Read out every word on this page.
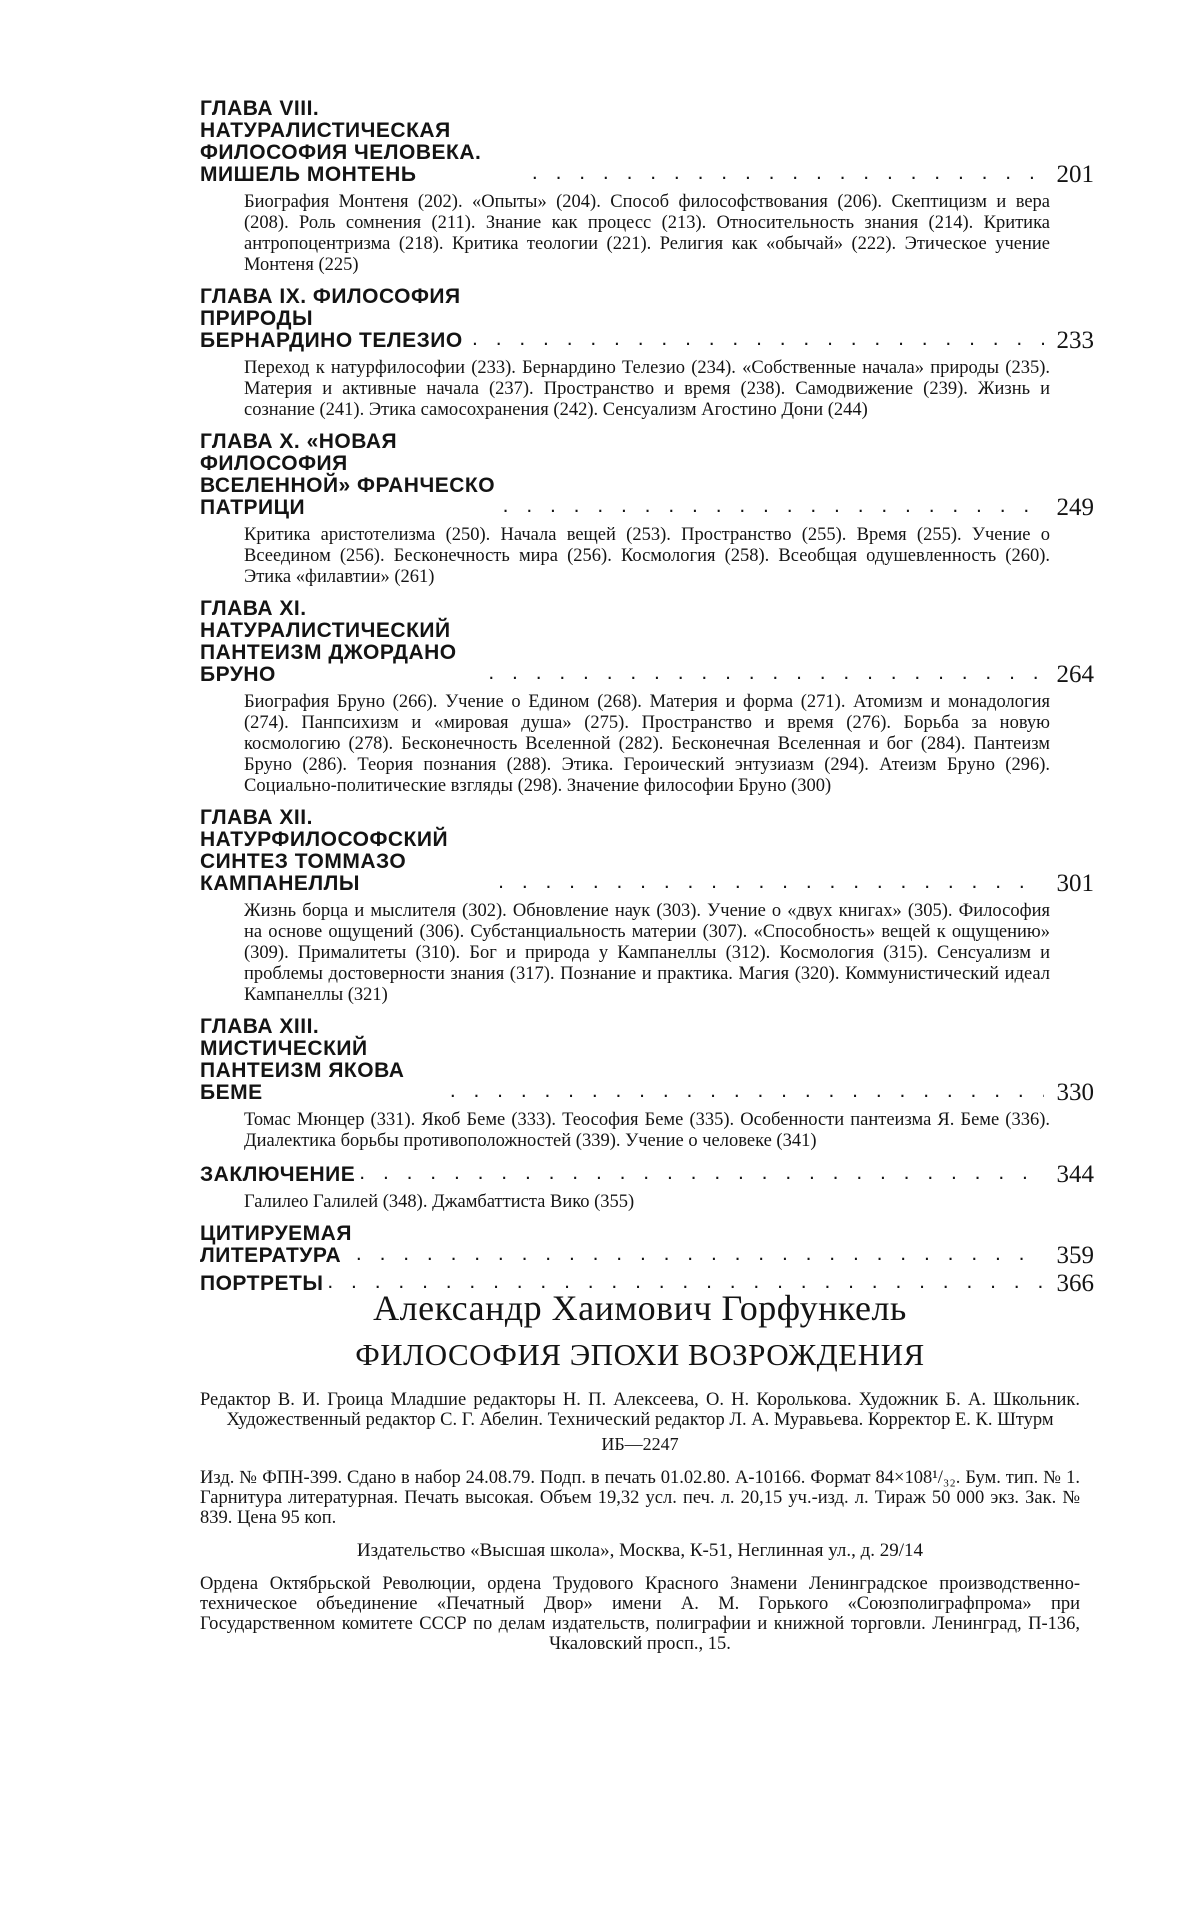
ГЛАВА VIII. НАТУРАЛИСТИЧЕСКАЯ ФИЛОСОФИЯ ЧЕЛОВЕКА. МИШЕЛЬ МОНТЕНЬ . . .	201
Биография Монтеня (202). «Опыты» (204). Способ философствования (206). Скептицизм и вера (208). Роль сомнения (211). Знание как процесс (213). Относительность знания (214). Критика антропоцентризма (218). Критика теологии (221). Религия как «обычай» (222). Этическое учение Монтеня (225)
ГЛАВА IX. ФИЛОСОФИЯ ПРИРОДЫ БЕРНАРДИНО ТЕЛЕЗИО . . .	233
Переход к натурфилософии (233). Бернардино Телезио (234). «Собственные начала» природы (235). Материя и активные начала (237). Пространство и время (238). Самодвижение (239). Жизнь и сознание (241). Этика самосохранения (242). Сенсуализм Агостино Дони (244)
ГЛАВА X. «НОВАЯ ФИЛОСОФИЯ ВСЕЛЕННОЙ» ФРАНЧЕСКО ПАТРИЦИ . . .	249
Критика аристотелизма (250). Начала вещей (253). Пространство (255). Время (255). Учение о Всеедином (256). Бесконечность мира (256). Космология (258). Всеобщая одушевленность (260). Этика «филавтии» (261)
ГЛАВА XI. НАТУРАЛИСТИЧЕСКИЙ ПАНТЕИЗМ ДЖОРДАНО БРУНО . . .	264
Биография Бруно (266). Учение о Едином (268). Материя и форма (271). Атомизм и монадология (274). Панпсихизм и «мировая душа» (275). Пространство и время (276). Борьба за новую космологию (278). Бесконечность Вселенной (282). Бесконечная Вселенная и бог (284). Пантеизм Бруно (286). Теория познания (288). Этика. Героический энтузиазм (294). Атеизм Бруно (296). Социально-политические взгляды (298). Значение философии Бруно (300)
ГЛАВА XII. НАТУРФИЛОСОФСКИЙ СИНТЕЗ ТОММАЗО КАМПАНЕЛЛЫ . . .	301
Жизнь борца и мыслителя (302). Обновление наук (303). Учение о «двух книгах» (305). Философия на основе ощущений (306). Субстанциальность материи (307). «Способность» вещей к ощущению» (309). Прималитеты (310). Бог и природа у Кампанеллы (312). Космология (315). Сенсуализм и проблемы достоверности знания (317). Познание и практика. Магия (320). Коммунистический идеал Кампанеллы (321)
ГЛАВА XIII. МИСТИЧЕСКИЙ ПАНТЕИЗМ ЯКОВА БЕМЕ . . .	330
Томас Мюнцер (331). Якоб Беме (333). Теософия Беме (335). Особенности пантеизма Я. Беме (336). Диалектика борьбы противоположностей (339). Учение о человеке (341)
ЗАКЛЮЧЕНИЕ . . .	344
Галилео Галилей (348). Джамбаттиста Вико (355)
ЦИТИРУЕМАЯ ЛИТЕРАТУРА . . .	359
ПОРТРЕТЫ . . .	366
Александр Хаимович Горфункель
ФИЛОСОФИЯ ЭПОХИ ВОЗРОЖДЕНИЯ
Редактор В. И. Гроица Младшие редакторы Н. П. Алексеева, О. Н. Королькова. Художник Б. А. Школьник. Художественный редактор С. Г. Абелин. Технический редактор Л. А. Муравьева. Корректор Е. К. Штурм
ИБ—2247
Изд. № ФПН-399. Сдано в набор 24.08.79. Подп. в печать 01.02.80. А-10166. Формат 84×108¹/₃₂. Бум. тип. № 1. Гарнитура литературная. Печать высокая. Объем 19,32 усл. печ. л. 20,15 уч.-изд. л. Тираж 50 000 экз. Зак. № 839. Цена 95 коп.
Издательство «Высшая школа», Москва, К-51, Неглинная ул., д. 29/14
Ордена Октябрьской Революции, ордена Трудового Красного Знамени Ленинградское производственно-техническое объединение «Печатный Двор» имени А. М. Горького «Союзполиграфпрома» при Государственном комитете СССР по делам издательств, полиграфии и книжной торговли. Ленинград, П-136, Чкаловский просп., 15.
